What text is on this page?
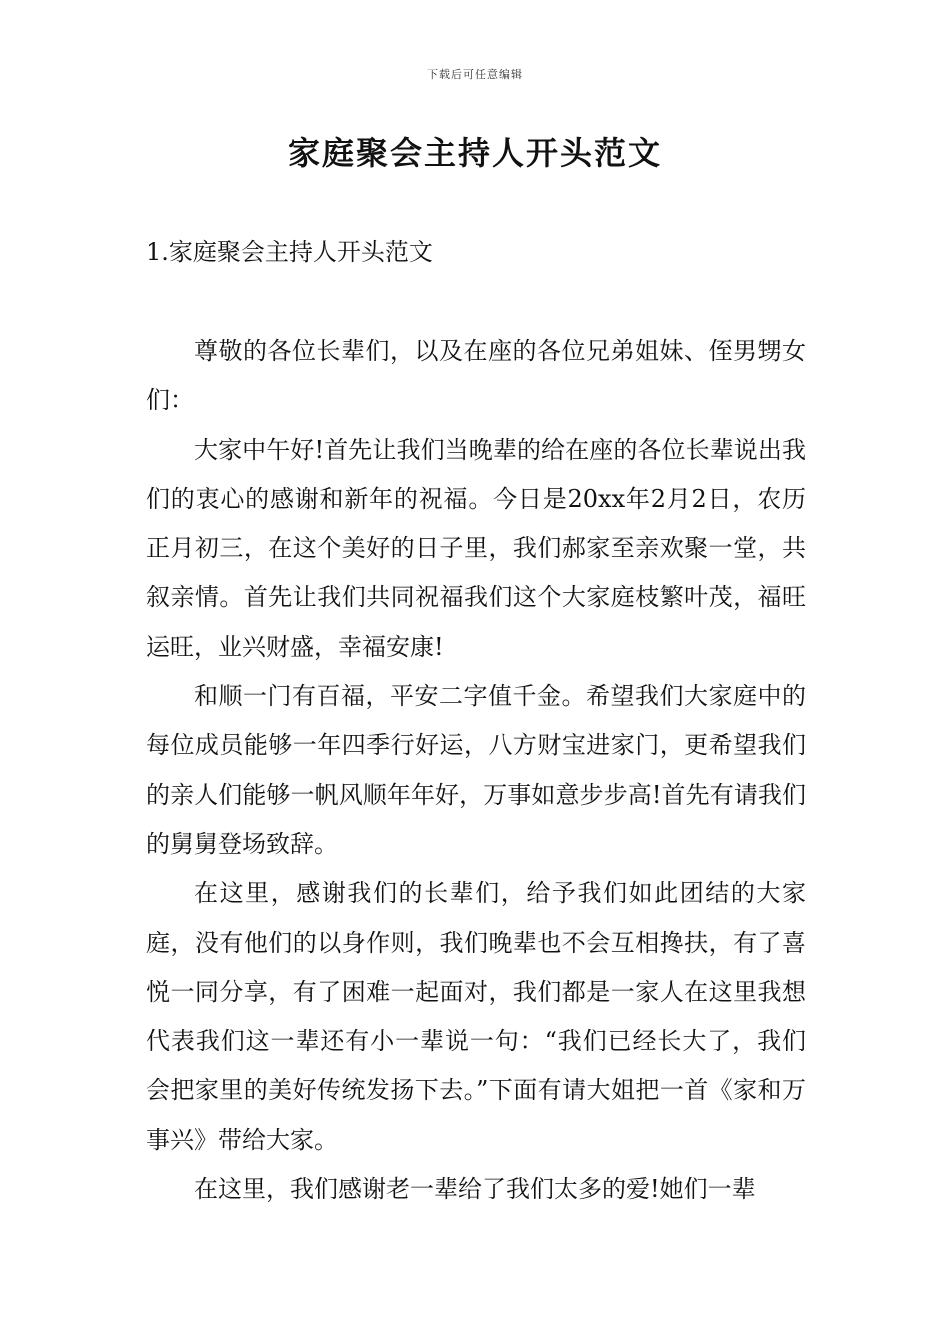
下载后可任意编辑
家庭聚会主持人开头范文
1.家庭聚会主持人开头范文

尊敬的各位长辈们，以及在座的各位兄弟姐妹、侄男甥女们：

大家中午好!首先让我们当晚辈的给在座的各位长辈说出我们的衷心的感谢和新年的祝福。今日是20xx年2月2日，农历正月初三，在这个美好的日子里，我们郝家至亲欢聚一堂，共叙亲情。首先让我们共同祝福我们这个大家庭枝繁叶茂，福旺运旺，业兴财盛，幸福安康!

和顺一门有百福，平安二字值千金。希望我们大家庭中的每位成员能够一年四季行好运，八方财宝进家门，更希望我们的亲人们能够一帆风顺年年好，万事如意步步高!首先有请我们的舅舅登场致辞。

在这里，感谢我们的长辈们，给予我们如此团结的大家庭，没有他们的以身作则，我们晚辈也不会互相搀扶，有了喜悦一同分享，有了困难一起面对，我们都是一家人在这里我想代表我们这一辈还有小一辈说一句：“我们已经长大了，我们会把家里的美好传统发扬下去。”下面有请大姐把一首《家和万事兴》带给大家。

在这里，我们感谢老一辈给了我们太多的爱!她们一辈
